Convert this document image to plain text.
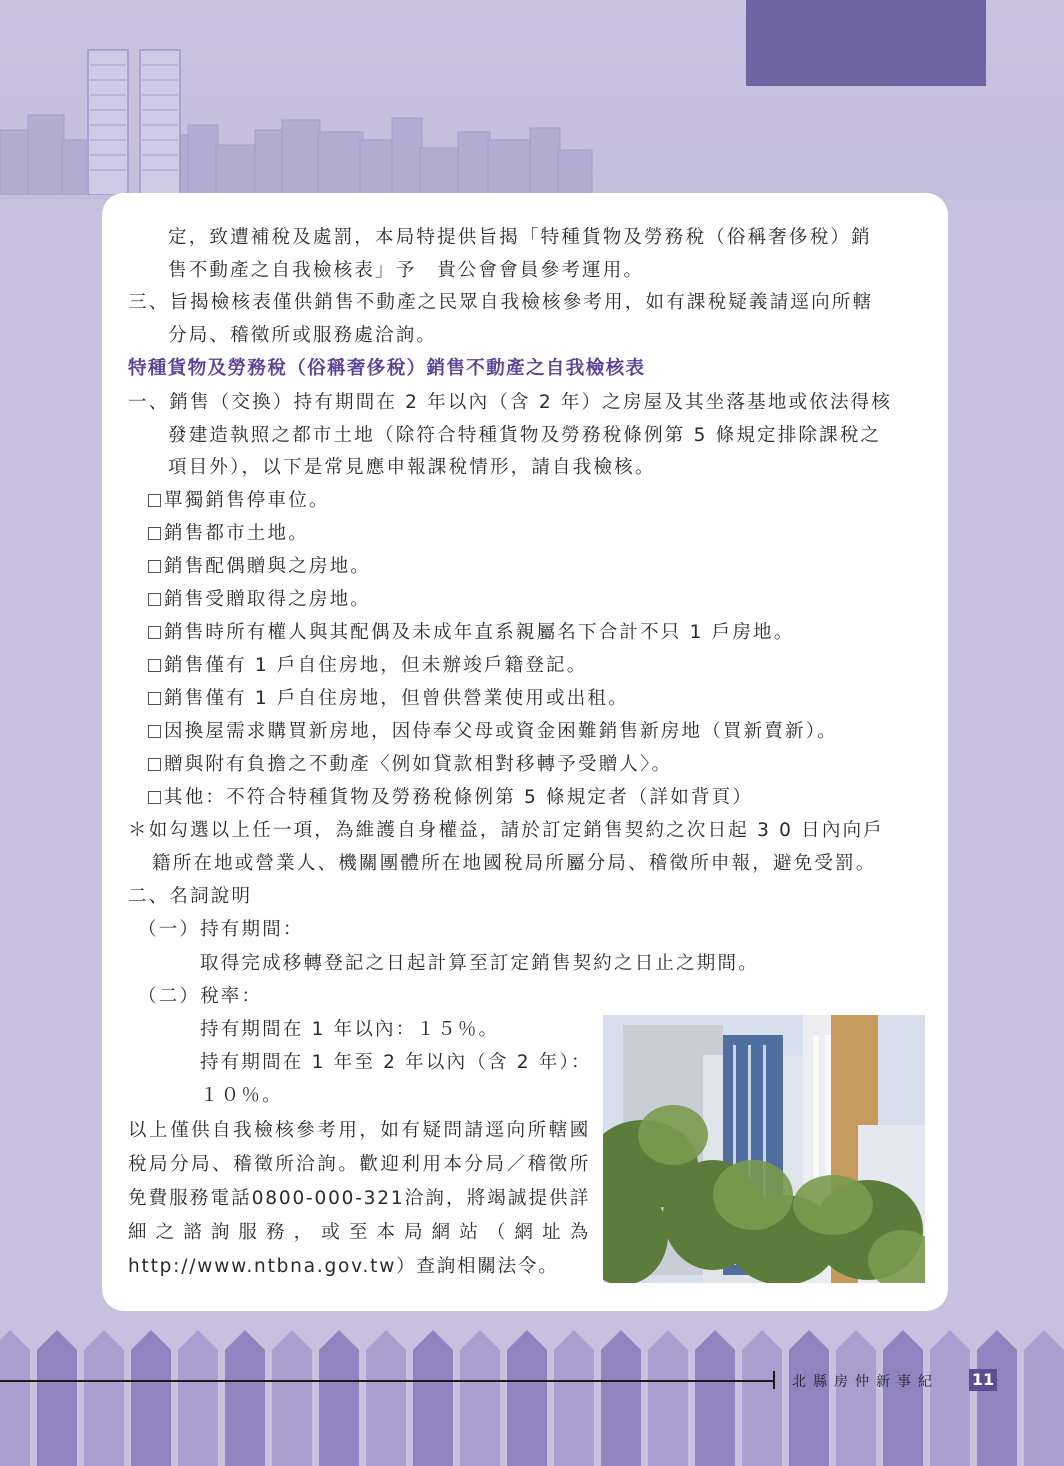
定，致遭補稅及處罰，本局特提供旨揭「特種貨物及勞務稅（俗稱奢侈稅）銷
售不動產之自我檢核表」予　貴公會會員參考運用。
三、旨揭檢核表僅供銷售不動產之民眾自我檢核參考用，如有課稅疑義請逕向所轄
分局、稽徵所或服務處洽詢。
特種貨物及勞務稅（俗稱奢侈稅）銷售不動產之自我檢核表
一、銷售（交換）持有期間在 2 年以內（含 2 年）之房屋及其坐落基地或依法得核
發建造執照之都市土地（除符合特種貨物及勞務稅條例第 5 條規定排除課稅之
項目外），以下是常見應申報課稅情形，請自我檢核。
單獨銷售停車位。
銷售都市土地。
銷售配偶贈與之房地。
銷售受贈取得之房地。
銷售時所有權人與其配偶及未成年直系親屬名下合計不只 1 戶房地。
銷售僅有 1 戶自住房地，但未辦竣戶籍登記。
銷售僅有 1 戶自住房地，但曾供營業使用或出租。
因換屋需求購買新房地，因侍奉父母或資金困難銷售新房地（買新賣新）。
贈與附有負擔之不動產〈例如貸款相對移轉予受贈人〉。
其他：不符合特種貨物及勞務稅條例第 5 條規定者（詳如背頁）
＊如勾選以上任一項，為維護自身權益，請於訂定銷售契約之次日起 3 0 日內向戶
籍所在地或營業人、機關團體所在地國稅局所屬分局、稽徵所申報，避免受罰。
二、名詞說明
（一）持有期間：
取得完成移轉登記之日起計算至訂定銷售契約之日止之期間。
（二）稅率：
持有期間在 1 年以內：１５％。
持有期間在 1 年至 2 年以內（含 2 年）：
１０％。
以上僅供自我檢核參考用，如有疑問請逕向所轄國稅局分局、稽徵所洽詢。歡迎利用本分局／稽徵所免費服務電話0800-000-321洽詢，將竭誠提供詳細之諮詢服務，或至本局網站（網址為http://www.ntbna.gov.tw）查詢相關法令。
北縣房仲新事紀 11
